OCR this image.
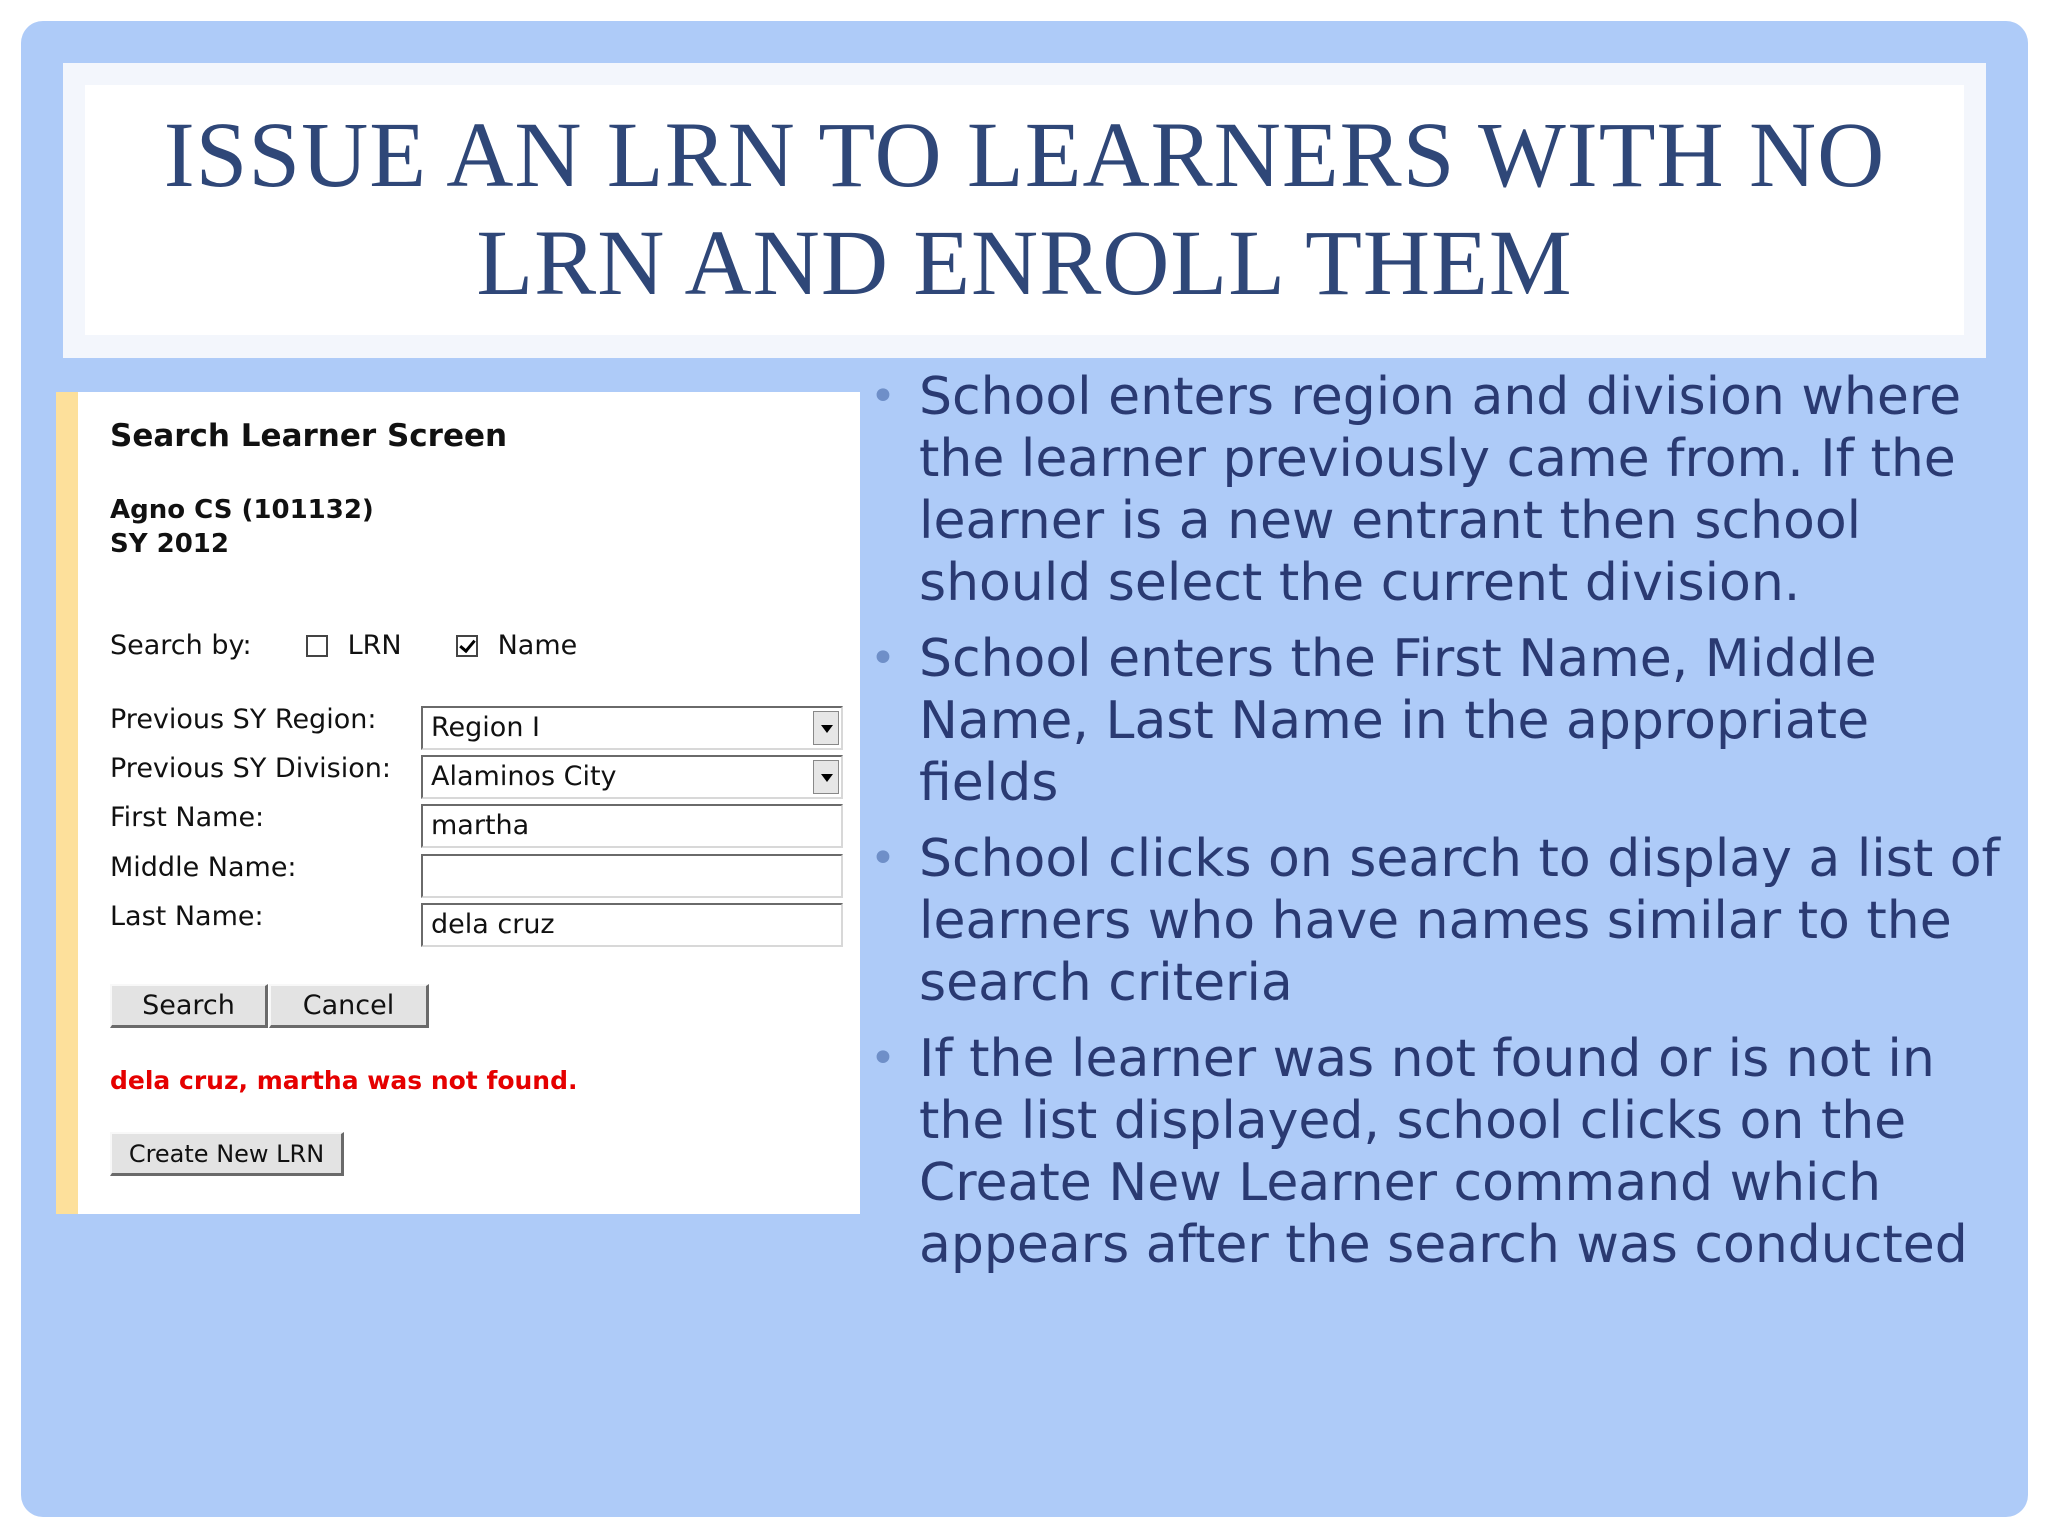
ISSUE AN LRN TO LEARNERS WITH NO
LRN AND ENROLL THEM
Search Learner Screen
Agno CS (101132)
SY 2012
Search by:	LRN	Name
Previous SY Region:	Region I
Previous SY Division:	Alaminos City
First Name:	martha
Middle Name:
Last Name:	dela cruz
Search	Cancel
dela cruz, martha was not found.
Create New LRN
• School enters region and division where the learner previously came from. If the learner is a new entrant then school should select the current division.
• School enters the First Name, Middle Name, Last Name in the appropriate fields
• School clicks on search to display a list of learners who have names similar to the search criteria
• If the learner was not found or is not in the list displayed, school clicks on the Create New Learner command which appears after the search was conducted
